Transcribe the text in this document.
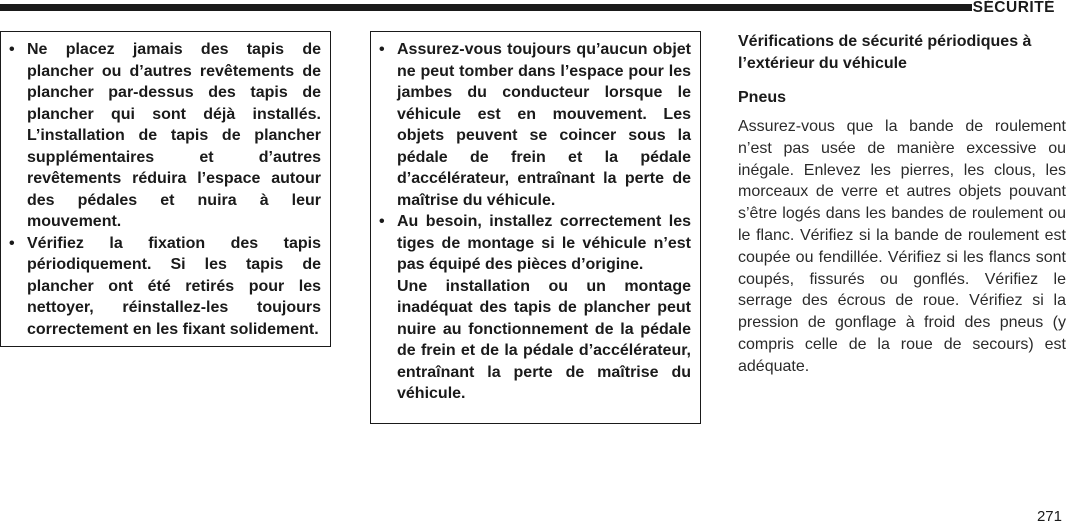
SÉCURITÉ

• Ne placez jamais des tapis de plancher ou d’autres revêtements de plancher par-dessus des tapis de plancher qui sont déjà installés. L’installation de tapis de plancher supplémentaires et d’autres revêtements réduira l’espace autour des pédales et nuira à leur mouvement.

• Vérifiez la fixation des tapis périodiquement. Si les tapis de plancher ont été retirés pour les nettoyer, réinstallez-les toujours correctement en les fixant solidement.

• Assurez-vous toujours qu’aucun objet ne peut tomber dans l’espace pour les jambes du conducteur lorsque le véhicule est en mouvement. Les objets peuvent se coincer sous la pédale de frein et la pédale d’accélérateur, entraînant la perte de maîtrise du véhicule.

• Au besoin, installez correctement les tiges de montage si le véhicule n’est pas équipé des pièces d’origine.
Une installation ou un montage inadéquat des tapis de plancher peut nuire au fonctionnement de la pédale de frein et de la pédale d’accélérateur, entraînant la perte de maîtrise du véhicule.

Vérifications de sécurité périodiques à l’extérieur du véhicule
Pneus

Assurez-vous que la bande de roulement n’est pas usée de manière excessive ou inégale. Enlevez les pierres, les clous, les morceaux de verre et autres objets pouvant s’être logés dans les bandes de roulement ou le flanc. Vérifiez si la bande de roulement est coupée ou fendillée. Vérifiez si les flancs sont coupés, fissurés ou gonflés. Vérifiez le serrage des écrous de roue. Vérifiez si la pression de gonflage à froid des pneus (y compris celle de la roue de secours) est adéquate.

271
